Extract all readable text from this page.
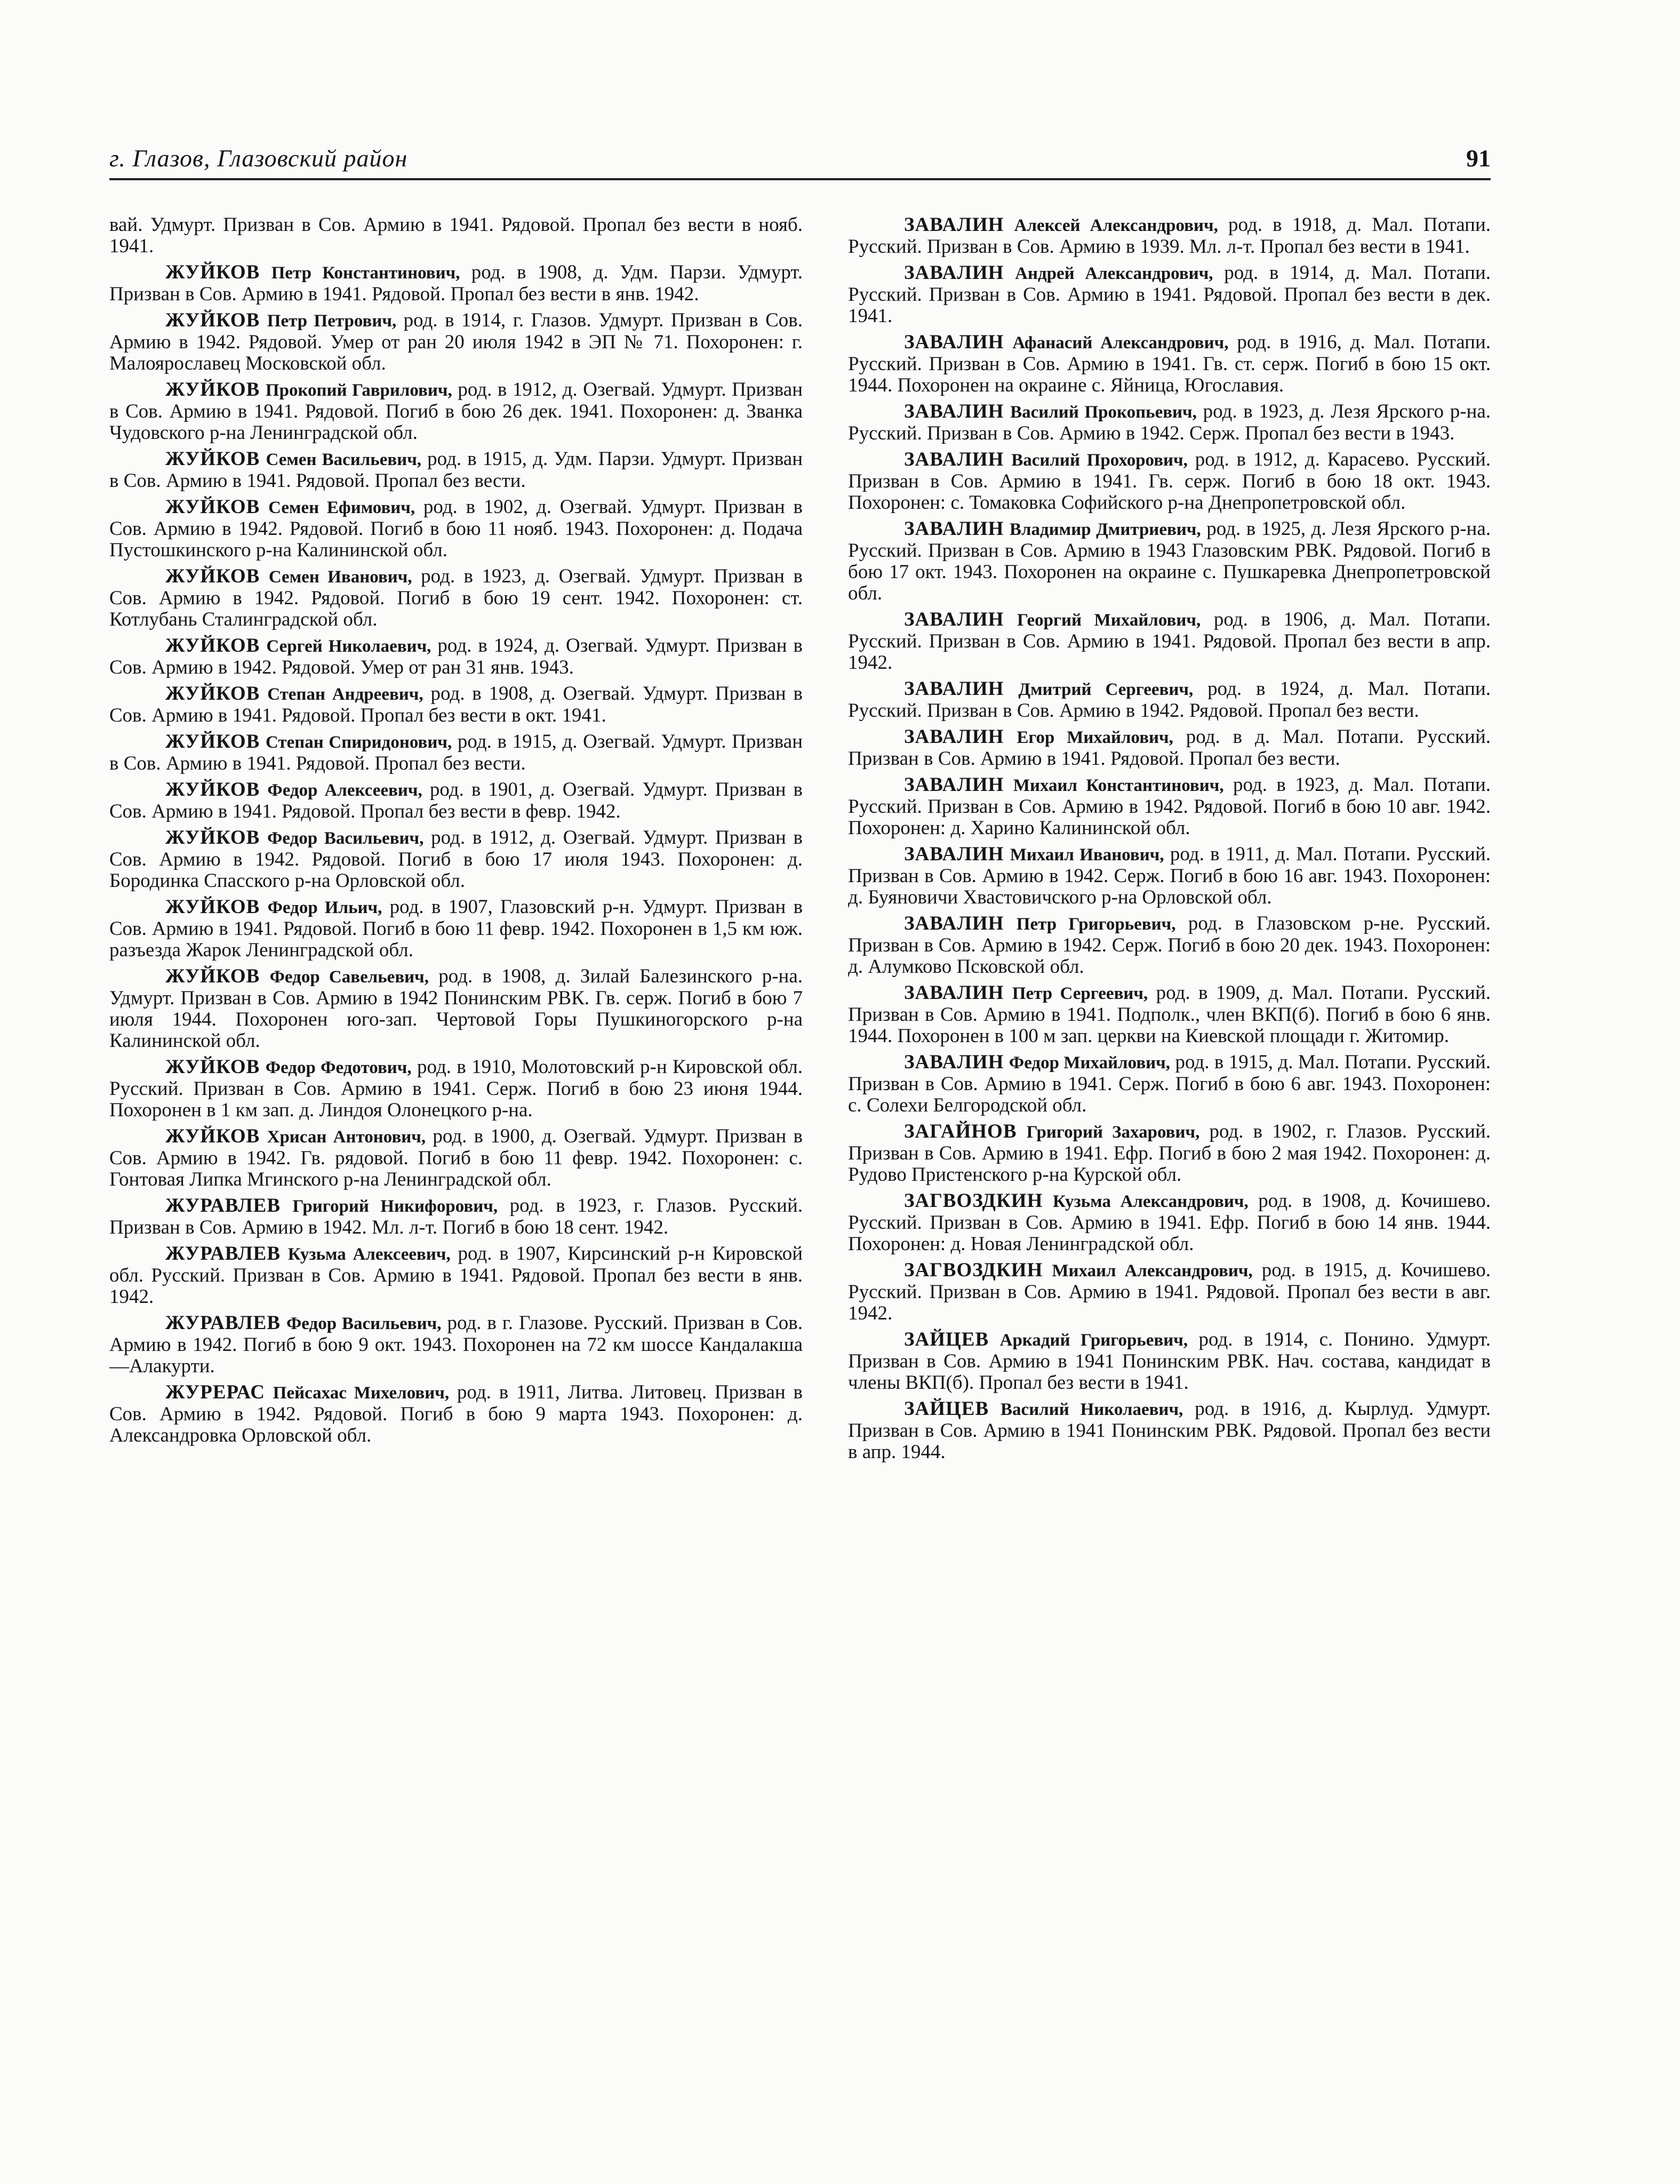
г. Глазов, Глазовский район	91

вай. Удмурт. Призван в Сов. Армию в 1941. Рядовой. Пропал без вести в нояб. 1941.

ЖУЙКОВ Петр Константинович, род. в 1908, д. Удм. Парзи. Удмурт. Призван в Сов. Армию в 1941. Рядовой. Пропал без вести в янв. 1942.

ЖУЙКОВ Петр Петрович, род. в 1914, г. Глазов. Удмурт. Призван в Сов. Армию в 1942. Рядовой. Умер от ран 20 июля 1942 в ЭП № 71. Похоронен: г. Малоярославец Московской обл.

ЖУЙКОВ Прокопий Гаврилович, род. в 1912, д. Озегвай. Удмурт. Призван в Сов. Армию в 1941. Рядовой. Погиб в бою 26 дек. 1941. Похоронен: д. Званка Чудовского р-на Ленинградской обл.

ЖУЙКОВ Семен Васильевич, род. в 1915, д. Удм. Парзи. Удмурт. Призван в Сов. Армию в 1941. Рядовой. Пропал без вести.

ЖУЙКОВ Семен Ефимович, род. в 1902, д. Озегвай. Удмурт. Призван в Сов. Армию в 1942. Рядовой. Погиб в бою 11 нояб. 1943. Похоронен: д. Подача Пустошкинского р-на Калининской обл.

ЖУЙКОВ Семен Иванович, род. в 1923, д. Озегвай. Удмурт. Призван в Сов. Армию в 1942. Рядовой. Погиб в бою 19 сент. 1942. Похоронен: ст. Котлубань Сталинградской обл.

ЖУЙКОВ Сергей Николаевич, род. в 1924, д. Озегвай. Удмурт. Призван в Сов. Армию в 1942. Рядовой. Умер от ран 31 янв. 1943.

ЖУЙКОВ Степан Андреевич, род. в 1908, д. Озегвай. Удмурт. Призван в Сов. Армию в 1941. Рядовой. Пропал без вести в окт. 1941.

ЖУЙКОВ Степан Спиридонович, род. в 1915, д. Озегвай. Удмурт. Призван в Сов. Армию в 1941. Рядовой. Пропал без вести.

ЖУЙКОВ Федор Алексеевич, род. в 1901, д. Озегвай. Удмурт. Призван в Сов. Армию в 1941. Рядовой. Пропал без вести в февр. 1942.

ЖУЙКОВ Федор Васильевич, род. в 1912, д. Озегвай. Удмурт. Призван в Сов. Армию в 1942. Рядовой. Погиб в бою 17 июля 1943. Похоронен: д. Бородинка Спасского р-на Орловской обл.

ЖУЙКОВ Федор Ильич, род. в 1907, Глазовский р-н. Удмурт. Призван в Сов. Армию в 1941. Рядовой. Погиб в бою 11 февр. 1942. Похоронен в 1,5 км юж. разъезда Жарок Ленинградской обл.

ЖУЙКОВ Федор Савельевич, род. в 1908, д. Зилай Балезинского р-на. Удмурт. Призван в Сов. Армию в 1942 Понинским РВК. Гв. серж. Погиб в бою 7 июля 1944. Похоронен юго-зап. Чертовой Горы Пушкиногорского р-на Калининской обл.

ЖУЙКОВ Федор Федотович, род. в 1910, Молотовский р-н Кировской обл. Русский. Призван в Сов. Армию в 1941. Серж. Погиб в бою 23 июня 1944. Похоронен в 1 км зап. д. Линдоя Олонецкого р-на.

ЖУЙКОВ Хрисан Антонович, род. в 1900, д. Озегвай. Удмурт. Призван в Сов. Армию в 1942. Гв. рядовой. Погиб в бою 11 февр. 1942. Похоронен: с. Гонтовая Липка Мгинского р-на Ленинградской обл.

ЖУРАВЛЕВ Григорий Никифорович, род. в 1923, г. Глазов. Русский. Призван в Сов. Армию в 1942. Мл. л-т. Погиб в бою 18 сент. 1942.

ЖУРАВЛЕВ Кузьма Алексеевич, род. в 1907, Кирсинский р-н Кировской обл. Русский. Призван в Сов. Армию в 1941. Рядовой. Пропал без вести в янв. 1942.

ЖУРАВЛЕВ Федор Васильевич, род. в г. Глазове. Русский. Призван в Сов. Армию в 1942. Погиб в бою 9 окт. 1943. Похоронен на 72 км шоссе Кандалакша—Алакурти.

ЖУРЕРАС Пейсахас Михелович, род. в 1911, Литва. Литовец. Призван в Сов. Армию в 1942. Рядовой. Погиб в бою 9 марта 1943. Похоронен: д. Александровка Орловской обл.

ЗАВАЛИН Алексей Александрович, род. в 1918, д. Мал. Потапи. Русский. Призван в Сов. Армию в 1939. Мл. л-т. Пропал без вести в 1941.

ЗАВАЛИН Андрей Александрович, род. в 1914, д. Мал. Потапи. Русский. Призван в Сов. Армию в 1941. Рядовой. Пропал без вести в дек. 1941.

ЗАВАЛИН Афанасий Александрович, род. в 1916, д. Мал. Потапи. Русский. Призван в Сов. Армию в 1941. Гв. ст. серж. Погиб в бою 15 окт. 1944. Похоронен на окраине с. Яйница, Югославия.

ЗАВАЛИН Василий Прокопьевич, род. в 1923, д. Лезя Ярского р-на. Русский. Призван в Сов. Армию в 1942. Серж. Пропал без вести в 1943.

ЗАВАЛИН Василий Прохорович, род. в 1912, д. Карасево. Русский. Призван в Сов. Армию в 1941. Гв. серж. Погиб в бою 18 окт. 1943. Похоронен: с. Томаковка Софийского р-на Днепропетровской обл.

ЗАВАЛИН Владимир Дмитриевич, род. в 1925, д. Лезя Ярского р-на. Русский. Призван в Сов. Армию в 1943 Глазовским РВК. Рядовой. Погиб в бою 17 окт. 1943. Похоронен на окраине с. Пушкаревка Днепропетровской обл.

ЗАВАЛИН Георгий Михайлович, род. в 1906, д. Мал. Потапи. Русский. Призван в Сов. Армию в 1941. Рядовой. Пропал без вести в апр. 1942.

ЗАВАЛИН Дмитрий Сергеевич, род. в 1924, д. Мал. Потапи. Русский. Призван в Сов. Армию в 1942. Рядовой. Пропал без вести.

ЗАВАЛИН Егор Михайлович, род. в д. Мал. Потапи. Русский. Призван в Сов. Армию в 1941. Рядовой. Пропал без вести.

ЗАВАЛИН Михаил Константинович, род. в 1923, д. Мал. Потапи. Русский. Призван в Сов. Армию в 1942. Рядовой. Погиб в бою 10 авг. 1942. Похоронен: д. Харино Калининской обл.

ЗАВАЛИН Михаил Иванович, род. в 1911, д. Мал. Потапи. Русский. Призван в Сов. Армию в 1942. Серж. Погиб в бою 16 авг. 1943. Похоронен: д. Буяновичи Хвастовичского р-на Орловской обл.

ЗАВАЛИН Петр Григорьевич, род. в Глазовском р-не. Русский. Призван в Сов. Армию в 1942. Серж. Погиб в бою 20 дек. 1943. Похоронен: д. Алумково Псковской обл.

ЗАВАЛИН Петр Сергеевич, род. в 1909, д. Мал. Потапи. Русский. Призван в Сов. Армию в 1941. Подполк., член ВКП(б). Погиб в бою 6 янв. 1944. Похоронен в 100 м зап. церкви на Киевской площади г. Житомир.

ЗАВАЛИН Федор Михайлович, род. в 1915, д. Мал. Потапи. Русский. Призван в Сов. Армию в 1941. Серж. Погиб в бою 6 авг. 1943. Похоронен: с. Солехи Белгородской обл.

ЗАГАЙНОВ Григорий Захарович, род. в 1902, г. Глазов. Русский. Призван в Сов. Армию в 1941. Ефр. Погиб в бою 2 мая 1942. Похоронен: д. Рудово Пристенского р-на Курской обл.

ЗАГВОЗДКИН Кузьма Александрович, род. в 1908, д. Кочишево. Русский. Призван в Сов. Армию в 1941. Ефр. Погиб в бою 14 янв. 1944. Похоронен: д. Новая Ленинградской обл.

ЗАГВОЗДКИН Михаил Александрович, род. в 1915, д. Кочишево. Русский. Призван в Сов. Армию в 1941. Рядовой. Пропал без вести в авг. 1942.

ЗАЙЦЕВ Аркадий Григорьевич, род. в 1914, с. Понино. Удмурт. Призван в Сов. Армию в 1941 Понинским РВК. Нач. состава, кандидат в члены ВКП(б). Пропал без вести в 1941.

ЗАЙЦЕВ Василий Николаевич, род. в 1916, д. Кырлуд. Удмурт. Призван в Сов. Армию в 1941 Понинским РВК. Рядовой. Пропал без вести в апр. 1944.
